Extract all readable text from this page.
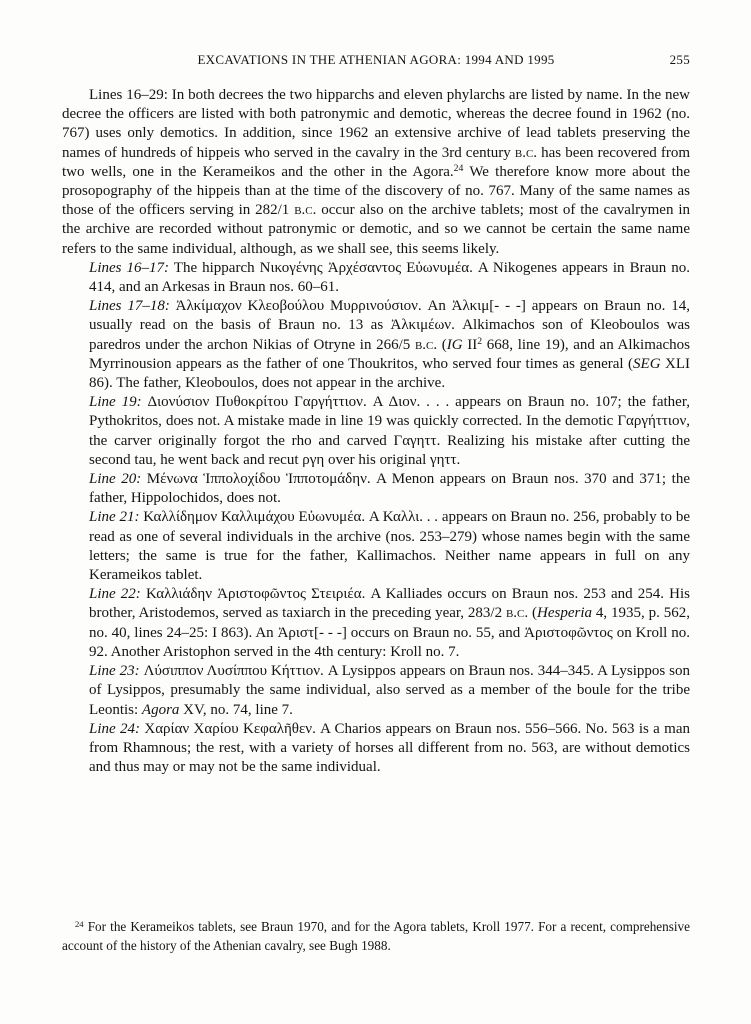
EXCAVATIONS IN THE ATHENIAN AGORA: 1994 AND 1995	255

Lines 16–29: In both decrees the two hipparchs and eleven phylarchs are listed by name. In the new decree the officers are listed with both patronymic and demotic, whereas the decree found in 1962 (no. 767) uses only demotics. In addition, since 1962 an extensive archive of lead tablets preserving the names of hundreds of hippeis who served in the cavalry in the 3rd century b.c. has been recovered from two wells, one in the Kerameikos and the other in the Agora.$^{24}$ We therefore know more about the prosopography of the hippeis than at the time of the discovery of no. 767. Many of the same names as those of the officers serving in 282/1 b.c. occur also on the archive tablets; most of the cavalrymen in the archive are recorded without patronymic or demotic, and so we cannot be certain the same name refers to the same individual, although, as we shall see, this seems likely.

Lines 16–17: The hipparch Νικογένης Ἀρχέσαντος Εὐωνυμέα. A Nikogenes appears in Braun no. 414, and an Arkesas in Braun nos. 60–61.

Lines 17–18: Ἀλκίμαχον Κλεοβούλου Μυρρινούσιον. An Ἀλκιμ[- - -] appears on Braun no. 14, usually read on the basis of Braun no. 13 as Ἀλκιμέων. Alkimachos son of Kleoboulos was paredros under the archon Nikias of Otryne in 266/5 b.c. (IG $II^2$ 668, line 19), and an Alkimachos Myrrinousion appears as the father of one Thoukritos, who served four times as general (SEG XLI 86). The father, Kleoboulos, does not appear in the archive.

Line 19: Διονύσιον Πυθοκρίτου Γαργήττιον. A Διον. . . . appears on Braun no. 107; the father, Pythokritos, does not. A mistake made in line 19 was quickly corrected. In the demotic Γαργήττιον, the carver originally forgot the rho and carved Γαγηττ. Realizing his mistake after cutting the second tau, he went back and recut ργη over his original γηττ.

Line 20: Μένωνα Ἱππολοχίδου Ἱπποτομάδην. A Menon appears on Braun nos. 370 and 371; the father, Hippolochidos, does not.

Line 21: Καλλίδημον Καλλιμάχου Εὐωνυμέα. A Καλλι. . . appears on Braun no. 256, probably to be read as one of several individuals in the archive (nos. 253–279) whose names begin with the same letters; the same is true for the father, Kallimachos. Neither name appears in full on any Kerameikos tablet.

Line 22: Καλλιάδην Ἀριστοφῶντος Στειριέα. A Kalliades occurs on Braun nos. 253 and 254. His brother, Aristodemos, served as taxiarch in the preceding year, 283/2 b.c. (Hesperia 4, 1935, p. 562, no. 40, lines 24–25: I 863). An Ἀριστ[- - -] occurs on Braun no. 55, and Ἀριστοφῶντος on Kroll no. 92. Another Aristophon served in the 4th century: Kroll no. 7.

Line 23: Λύσιππον Λυσίππου Κήττιον. A Lysippos appears on Braun nos. 344–345. A Lysippos son of Lysippos, presumably the same individual, also served as a member of the boule for the tribe Leontis: Agora XV, no. 74, line 7.

Line 24: Χαρίαν Χαρίου Κεφαλῆθεν. A Charios appears on Braun nos. 556–566. No. 563 is a man from Rhamnous; the rest, with a variety of horses all different from no. 563, are without demotics and thus may or may not be the same individual.

$^{24}$ For the Kerameikos tablets, see Braun 1970, and for the Agora tablets, Kroll 1977. For a recent, comprehensive account of the history of the Athenian cavalry, see Bugh 1988.
